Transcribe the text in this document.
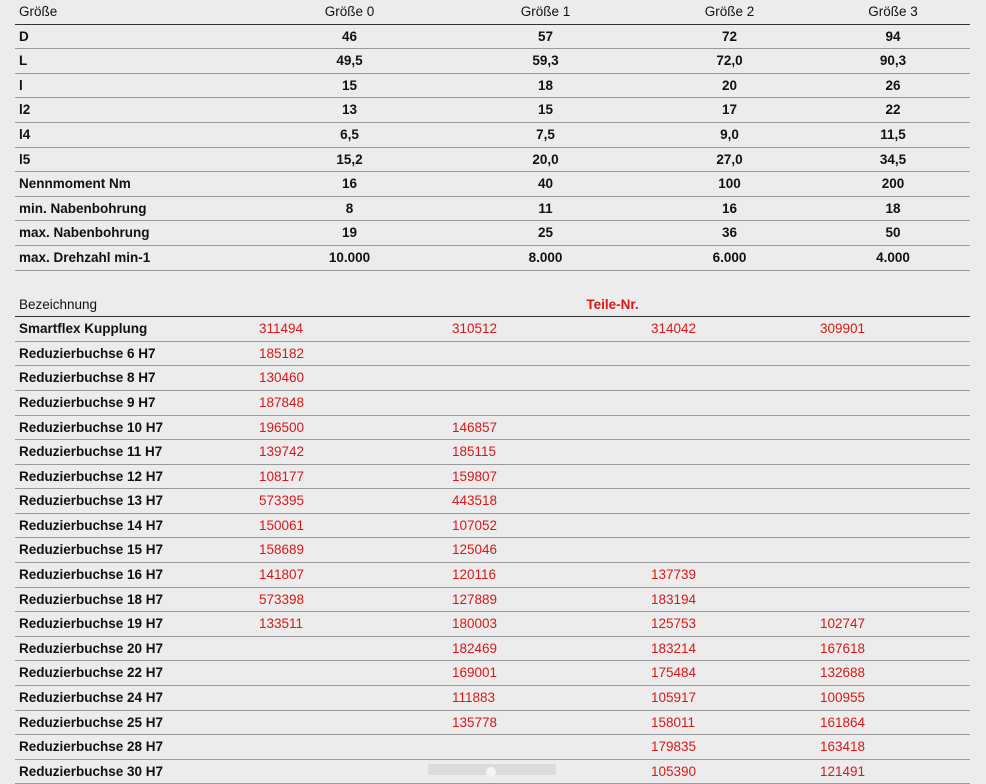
Größe	Größe 0	Größe 1	Größe 2	Größe 3
D	46	57	72	94
L	49,5	59,3	72,0	90,3
l	15	18	20	26
l2	13	15	17	22
l4	6,5	7,5	9,0	11,5
l5	15,2	20,0	27,0	34,5
Nennmoment Nm	16	40	100	200
min. Nabenbohrung	8	11	16	18
max. Nabenbohrung	19	25	36	50
max. Drehzahl min-1	10.000	8.000	6.000	4.000
Bezeichnung	Teile-Nr.			
Smartflex Kupplung	311494	310512	314042	309901
Reduzierbuchse 6 H7	185182			
Reduzierbuchse 8 H7	130460			
Reduzierbuchse 9 H7	187848			
Reduzierbuchse 10 H7	196500	146857		
Reduzierbuchse 11 H7	139742	185115		
Reduzierbuchse 12 H7	108177	159807		
Reduzierbuchse 13 H7	573395	443518		
Reduzierbuchse 14 H7	150061	107052		
Reduzierbuchse 15 H7	158689	125046		
Reduzierbuchse 16 H7	141807	120116	137739	
Reduzierbuchse 18 H7	573398	127889	183194	
Reduzierbuchse 19 H7	133511	180003	125753	102747
Reduzierbuchse 20 H7		182469	183214	167618
Reduzierbuchse 22 H7		169001	175484	132688
Reduzierbuchse 24 H7		111883	105917	100955
Reduzierbuchse 25 H7		135778	158011	161864
Reduzierbuchse 28 H7			179835	163418
Reduzierbuchse 30 H7			105390	121491
